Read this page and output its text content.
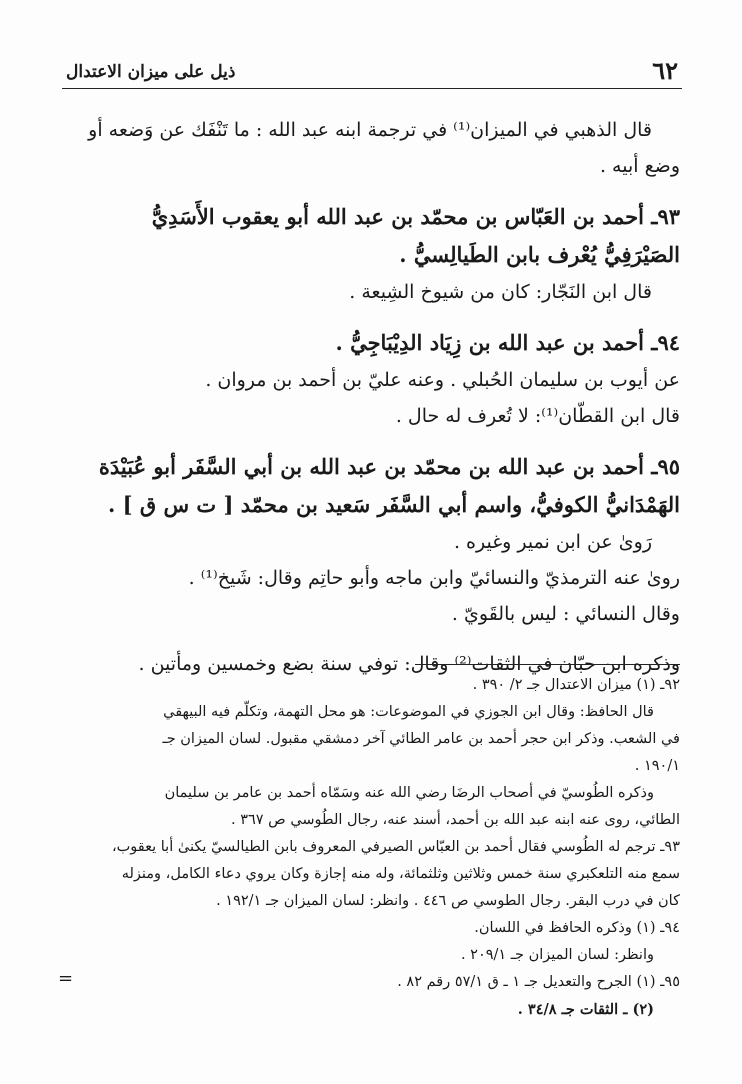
٦٢
ذيل على ميزان الاعتدال
قال الذهبي في الميزان⁽¹⁾ في ترجمة ابنه عبد الله : ما تَنْفَك عن وَضعه أو
وضع أبيه .
٩٣ـ أحمد بن العَبّاس بن محمّد بن عبد الله أبو يعقوب الأَسَدِيُّ
الصَيْرَفِيُّ يُعْرف بابن الطَيالِسيُّ .
قال ابن النَجّار: كان من شيوخ الشِيعة .
٩٤ـ أحمد بن عبد الله بن زِيَاد الدِيْبَاجِيُّ .
عن أيوب بن سليمان الحُبلي . وعنه عليّ بن أحمد بن مروان .
قال ابن القطّان⁽¹⁾: لا تُعرف له حال .
٩٥ـ أحمد بن عبد الله بن محمّد بن عبد الله بن أبي السَّفَر أبو عُبَيْدَة
الهَمْدَانيُّ الكوفيُّ، واسم أبي السَّفَر سَعيد بن محمّد [ ت س ق ] .
رَوىٰ عن ابن نمير وغيره .
رویٰ عنه الترمذيّ والنسائيّ وابن ماجه وأبو حاتِم وقال: شَيخ⁽¹⁾ .
وقال النسائي : ليس بالقَويّ .
وذكره ابن حبّان في الثقات⁽²⁾ وقال: توفي سنة بضع وخمسين ومأتين .
٩٢ـ (١) ميزان الاعتدال جـ ٢/ ٣٩٠ .
قال الحافظ: وقال ابن الجوزي في الموضوعات: هو محل التهمة، وتكلّم فيه البيهقي
في الشعب. وذكر ابن حجر أحمد بن عامر الطائي آخر دمشقي مقبول. لسان الميزان جـ
١٩٠/١ .
وذكره الطُوسيّ في أصحاب الرضَا رضي الله عنه وسَمّاه أحمد بن عامر بن سليمان
الطائي، روى عنه ابنه عبد الله بن أحمد، أسند عنه، رجال الطُوسي ص ٣٦٧ .
٩٣ـ ترجم له الطُوسي فقال أحمد بن العبّاس الصيرفي المعروف بابن الطيالسيّ يكنىٰ أبا يعقوب،
سمع منه التلعكبري سنة خمس وثلاثين وثلثمائة، وله منه إجازة وكان يروي دعاء الكامل، ومنزله
كان في درب البقر. رجال الطوسي ص ٤٤٦ . وانظر: لسان الميزان جـ ١٩٢/١ .
٩٤ـ (١) وذكره الحافظ في اللسان.
وانظر: لسان الميزان جـ ٢٠٩/١ .
٩٥ـ (١) الجرح والتعديل جـ ١ ـ ق ٥٧/١ رقم ٨٢ .
(٢) ـ الثقات جـ ٣٤/٨ .
=
